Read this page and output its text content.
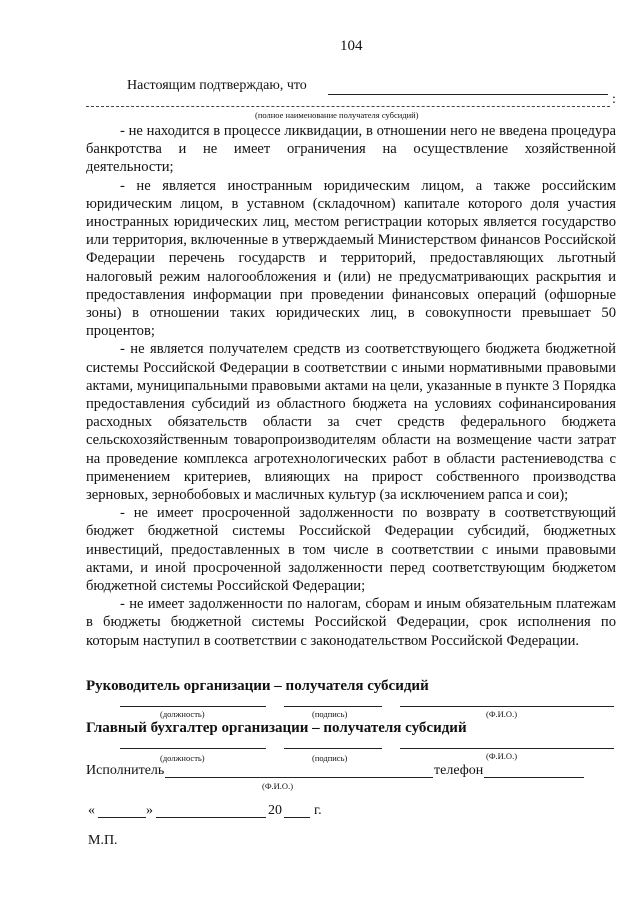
104
Настоящим подтверждаю, что
:
(полное наименование получателя субсидий)

- не находится в процессе ликвидации, в отношении него не введена процедура банкротства и не имеет ограничения на осуществление хозяйственной деятельности;

- не является иностранным юридическим лицом, а также российским юридическим лицом, в уставном (складочном) капитале которого доля участия иностранных юридических лиц, местом регистрации которых является государство или территория, включенные в утверждаемый Министерством финансов Российской Федерации перечень государств и территорий, предоставляющих льготный налоговый режим налогообложения и (или) не предусматривающих раскрытия и предоставления информации при проведении финансовых операций (офшорные зоны) в отношении таких юридических лиц, в совокупности превышает 50 процентов;

- не является получателем средств из соответствующего бюджета бюджетной системы Российской Федерации в соответствии с иными нормативными правовыми актами, муниципальными правовыми актами на цели, указанные в пункте 3 Порядка предоставления субсидий из областного бюджета на условиях софинансирования расходных обязательств области за счет средств федерального бюджета сельскохозяйственным товаропроизводителям области на возмещение части затрат на проведение комплекса агротехнологических работ в области растениеводства с применением критериев, влияющих на прирост собственного производства зерновых, зернобобовых и масличных культур (за исключением рапса и сои);

- не имеет просроченной задолженности по возврату в соответствующий бюджет бюджетной системы Российской Федерации субсидий, бюджетных инвестиций, предоставленных в том числе в соответствии с иными правовыми актами, и иной просроченной задолженности перед соответствующим бюджетом бюджетной системы Российской Федерации;

- не имеет задолженности по налогам, сборам и иным обязательным платежам в бюджеты бюджетной системы Российской Федерации, срок исполнения по которым наступил в соответствии с законодательством Российской Федерации.

Руководитель организации – получателя субсидий
(должность)	(подпись)	(Ф.И.О.)
Главный бухгалтер организации – получателя субсидий
(должность)	(подпись)	(Ф.И.О.)
Исполнитель	телефон
(Ф.И.О.)
«	»	20 г.
М.П.
